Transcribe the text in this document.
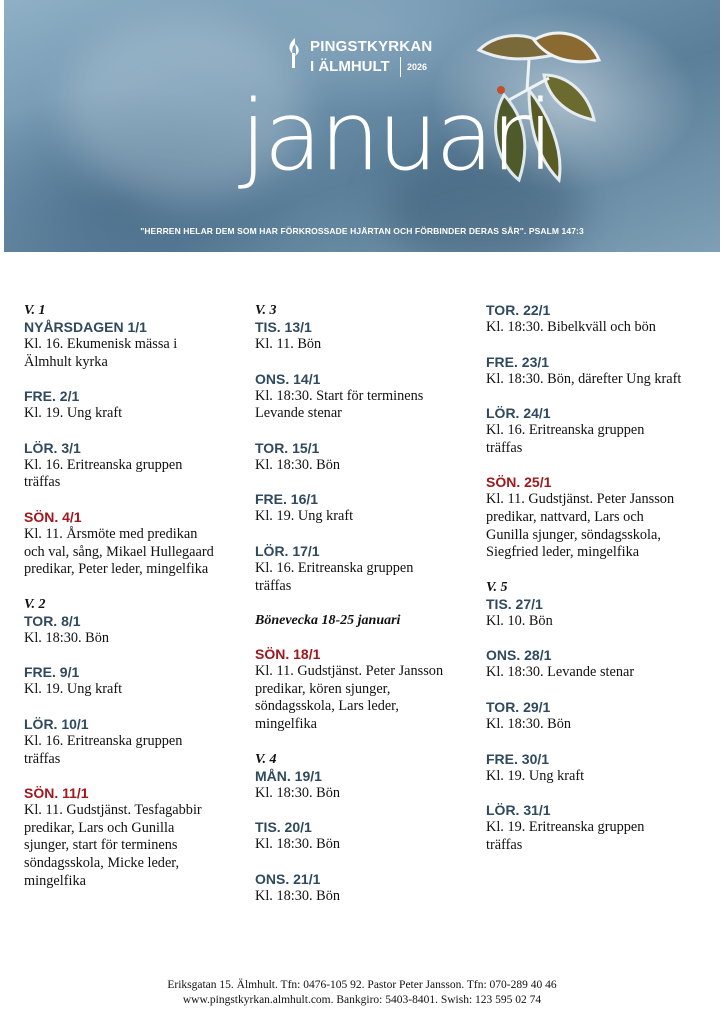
PINGSTKYRKAN
I ÄLMHULT 2026
januari
"HERREN HELAR DEM SOM HAR FÖRKROSSADE HJÄRTAN OCH FÖRBINDER DERAS SÅR". PSALM 147:3
V. 1
NYÅRSDAGEN 1/1
Kl. 16. Ekumenisk mässa i
Älmhult kyrka
FRE. 2/1
Kl. 19. Ung kraft
LÖR. 3/1
Kl. 16. Eritreanska gruppen
träffas
SÖN. 4/1
Kl. 11. Årsmöte med predikan
och val, sång, Mikael Hullegaard
predikar, Peter leder, mingelfika
V. 2
TOR. 8/1
Kl. 18:30. Bön
FRE. 9/1
Kl. 19. Ung kraft
LÖR. 10/1
Kl. 16. Eritreanska gruppen
träffas
SÖN. 11/1
Kl. 11. Gudstjänst. Tesfagabbir
predikar, Lars och Gunilla
sjunger, start för terminens
söndagsskola, Micke leder,
mingelfika
V. 3
TIS. 13/1
Kl. 11. Bön
ONS. 14/1
Kl. 18:30. Start för terminens
Levande stenar
TOR. 15/1
Kl. 18:30. Bön
FRE. 16/1
Kl. 19. Ung kraft
LÖR. 17/1
Kl. 16. Eritreanska gruppen
träffas
Bönevecka 18-25 januari
SÖN. 18/1
Kl. 11. Gudstjänst. Peter Jansson
predikar, kören sjunger,
söndagsskola, Lars leder,
mingelfika
V. 4
MÅN. 19/1
Kl. 18:30. Bön
TIS. 20/1
Kl. 18:30. Bön
ONS. 21/1
Kl. 18:30. Bön
TOR. 22/1
Kl. 18:30. Bibelkväll och bön
FRE. 23/1
Kl. 18:30. Bön, därefter Ung kraft
LÖR. 24/1
Kl. 16. Eritreanska gruppen
träffas
SÖN. 25/1
Kl. 11. Gudstjänst. Peter Jansson
predikar, nattvard, Lars och
Gunilla sjunger, söndagsskola,
Siegfried leder, mingelfika
V. 5
TIS. 27/1
Kl. 10. Bön
ONS. 28/1
Kl. 18:30. Levande stenar
TOR. 29/1
Kl. 18:30. Bön
FRE. 30/1
Kl. 19. Ung kraft
LÖR. 31/1
Kl. 19. Eritreanska gruppen
träffas
Eriksgatan 15. Älmhult. Tfn: 0476-105 92. Pastor Peter Jansson. Tfn: 070-289 40 46
www.pingstkyrkan.almhult.com. Bankgiro: 5403-8401. Swish: 123 595 02 74
